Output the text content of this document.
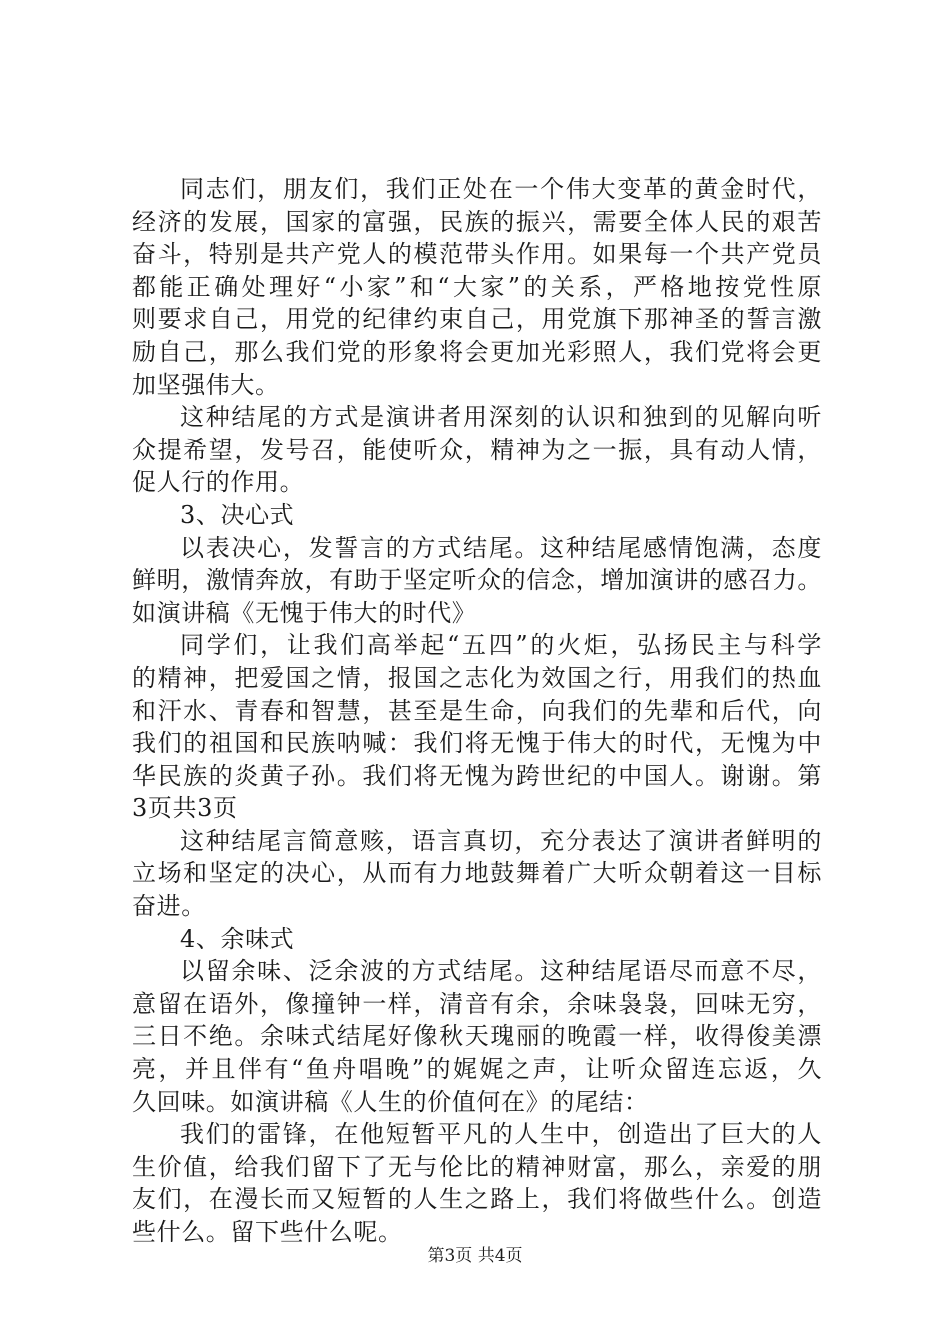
同志们，朋友们，我们正处在一个伟大变革的黄金时代，
经济的发展，国家的富强，民族的振兴，需要全体人民的艰苦
奋斗，特别是共产党人的模范带头作用。如果每一个共产党员
都能正确处理好“小家”和“大家”的关系，严格地按党性原
则要求自己，用党的纪律约束自己，用党旗下那神圣的誓言激
励自己，那么我们党的形象将会更加光彩照人，我们党将会更
加坚强伟大。
这种结尾的方式是演讲者用深刻的认识和独到的见解向听
众提希望，发号召，能使听众，精神为之一振，具有动人情，
促人行的作用。
3、决心式
以表决心，发誓言的方式结尾。这种结尾感情饱满，态度
鲜明，激情奔放，有助于坚定听众的信念，增加演讲的感召力。
如演讲稿《无愧于伟大的时代》
同学们，让我们高举起“五四”的火炬，弘扬民主与科学
的精神，把爱国之情，报国之志化为效国之行，用我们的热血
和汗水、青春和智慧，甚至是生命，向我们的先辈和后代，向
我们的祖国和民族呐喊：我们将无愧于伟大的时代，无愧为中
华民族的炎黄子孙。我们将无愧为跨世纪的中国人。谢谢。第
3页共3页
这种结尾言简意赅，语言真切，充分表达了演讲者鲜明的
立场和坚定的决心，从而有力地鼓舞着广大听众朝着这一目标
奋进。
4、余味式
以留余味、泛余波的方式结尾。这种结尾语尽而意不尽，
意留在语外，像撞钟一样，清音有余，余味袅袅，回味无穷，
三日不绝。余味式结尾好像秋天瑰丽的晚霞一样，收得俊美漂
亮，并且伴有“鱼舟唱晚”的娓娓之声，让听众留连忘返，久
久回味。如演讲稿《人生的价值何在》的尾结：
我们的雷锋，在他短暂平凡的人生中，创造出了巨大的人
生价值，给我们留下了无与伦比的精神财富，那么，亲爱的朋
友们，在漫长而又短暂的人生之路上，我们将做些什么。创造
些什么。留下些什么呢。
第3页 共4页
